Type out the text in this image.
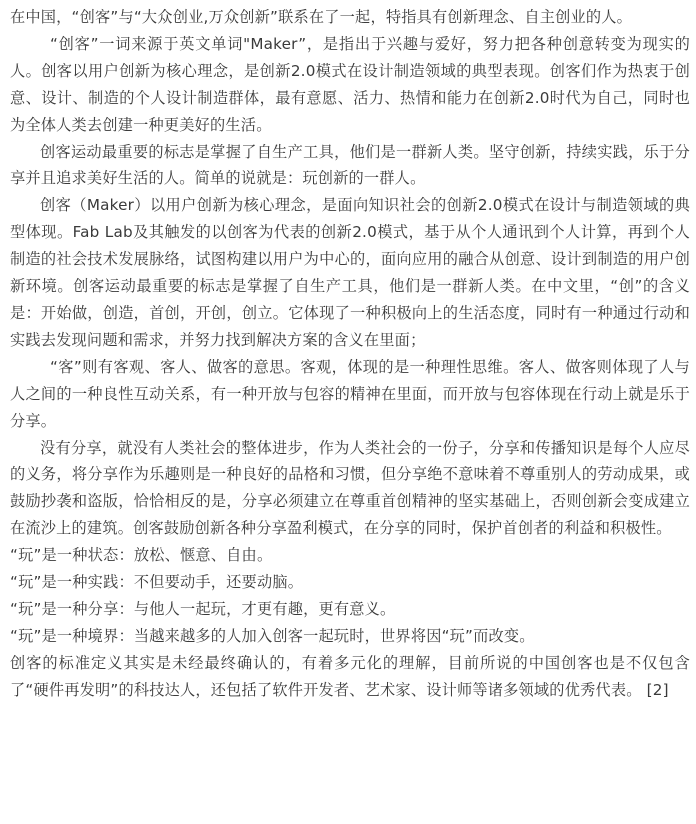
在中国，“创客”与“大众创业,万众创新”联系在了一起，特指具有创新理念、自主创业的人。

“创客”一词来源于英文单词"Maker”，是指出于兴趣与爱好，努力把各种创意转变为现实的人。创客以用户创新为核心理念，是创新2.0模式在设计制造领域的典型表现。创客们作为热衷于创意、设计、制造的个人设计制造群体，最有意愿、活力、热情和能力在创新2.0时代为自己，同时也为全体人类去创建一种更美好的生活。

创客运动最重要的标志是掌握了自生产工具，他们是一群新人类。坚守创新，持续实践，乐于分享并且追求美好生活的人。简单的说就是：玩创新的一群人。

创客（Maker）以用户创新为核心理念，是面向知识社会的创新2.0模式在设计与制造领域的典型体现。Fab Lab及其触发的以创客为代表的创新2.0模式，基于从个人通讯到个人计算，再到个人制造的社会技术发展脉络，试图构建以用户为中心的，面向应用的融合从创意、设计到制造的用户创新环境。创客运动最重要的标志是掌握了自生产工具，他们是一群新人类。在中文里，“创”的含义是：开始做，创造，首创，开创，创立。它体现了一种积极向上的生活态度，同时有一种通过行动和实践去发现问题和需求，并努力找到解决方案的含义在里面；

“客”则有客观、客人、做客的意思。客观，体现的是一种理性思维。客人、做客则体现了人与人之间的一种良性互动关系，有一种开放与包容的精神在里面，而开放与包容体现在行动上就是乐于分享。

没有分享，就没有人类社会的整体进步，作为人类社会的一份子，分享和传播知识是每个人应尽的义务，将分享作为乐趣则是一种良好的品格和习惯，但分享绝不意味着不尊重别人的劳动成果，或鼓励抄袭和盗版，恰恰相反的是，分享必须建立在尊重首创精神的坚实基础上，否则创新会变成建立在流沙上的建筑。创客鼓励创新各种分享盈利模式，在分享的同时，保护首创者的利益和积极性。

“玩”是一种状态：放松、惬意、自由。

“玩”是一种实践：不但要动手，还要动脑。

“玩”是一种分享：与他人一起玩，才更有趣，更有意义。

“玩”是一种境界：当越来越多的人加入创客一起玩时，世界将因“玩”而改变。

创客的标准定义其实是未经最终确认的，有着多元化的理解，目前所说的中国创客也是不仅包含了“硬件再发明”的科技达人，还包括了软件开发者、艺术家、设计师等诸多领域的优秀代表。 [2]
